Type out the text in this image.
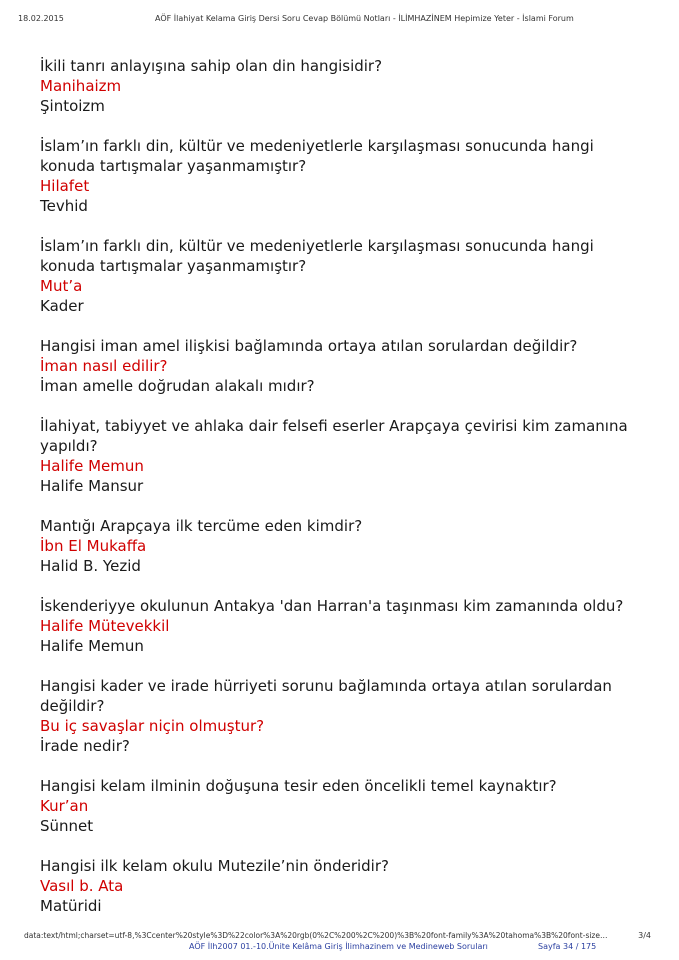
18.02.2015	AÖF İlahiyat Kelama Giriş Dersi Soru Cevap Bölümü Notları - İLİMHAZİNEM Hepimize Yeter - İslami Forum
İkili tanrı anlayışına sahip olan din hangisidir?
Manihaizm
Şintoizm
İslam’ın farklı din, kültür ve medeniyetlerle karşılaşması sonucunda hangi konuda tartışmalar yaşanmamıştır?
Hilafet
Tevhid
İslam’ın farklı din, kültür ve medeniyetlerle karşılaşması sonucunda hangi konuda tartışmalar yaşanmamıştır?
Mut’a
Kader
Hangisi iman amel ilişkisi bağlamında ortaya atılan sorulardan değildir?
İman nasıl edilir?
İman amelle doğrudan alakalı mıdır?
İlahiyat, tabiyyet ve ahlaka dair felsefi eserler Arapçaya çevirisi kim zamanına yapıldı?
Halife Memun
Halife Mansur
Mantığı Arapçaya ilk tercüme eden kimdir?
İbn El Mukaffa
Halid B. Yezid
İskenderiyye okulunun Antakya 'dan Harran'a taşınması kim zamanında oldu?
Halife Mütevekkil
Halife Memun
Hangisi kader ve irade hürriyeti sorunu bağlamında ortaya atılan sorulardan değildir?
Bu iç savaşlar niçin olmuştur?
İrade nedir?
Hangisi kelam ilminin doğuşuna tesir eden öncelikli temel kaynaktır?
Kur’an
Sünnet
Hangisi ilk kelam okulu Mutezile’nin önderidir?
Vasıl b. Ata
Matüridi
data:text/html;charset=utf-8,%3Ccenter%20style%3D%22color%3A%20rgb(0%2C%200%2C%200)%3B%20font-family%3A%20tahoma%3B%20font-size…	3/4
AÖF İlh2007 01.-10.Ünite Kelâma Giriş İlimhazinem ve Medineweb Soruları	Sayfa 34 / 175
